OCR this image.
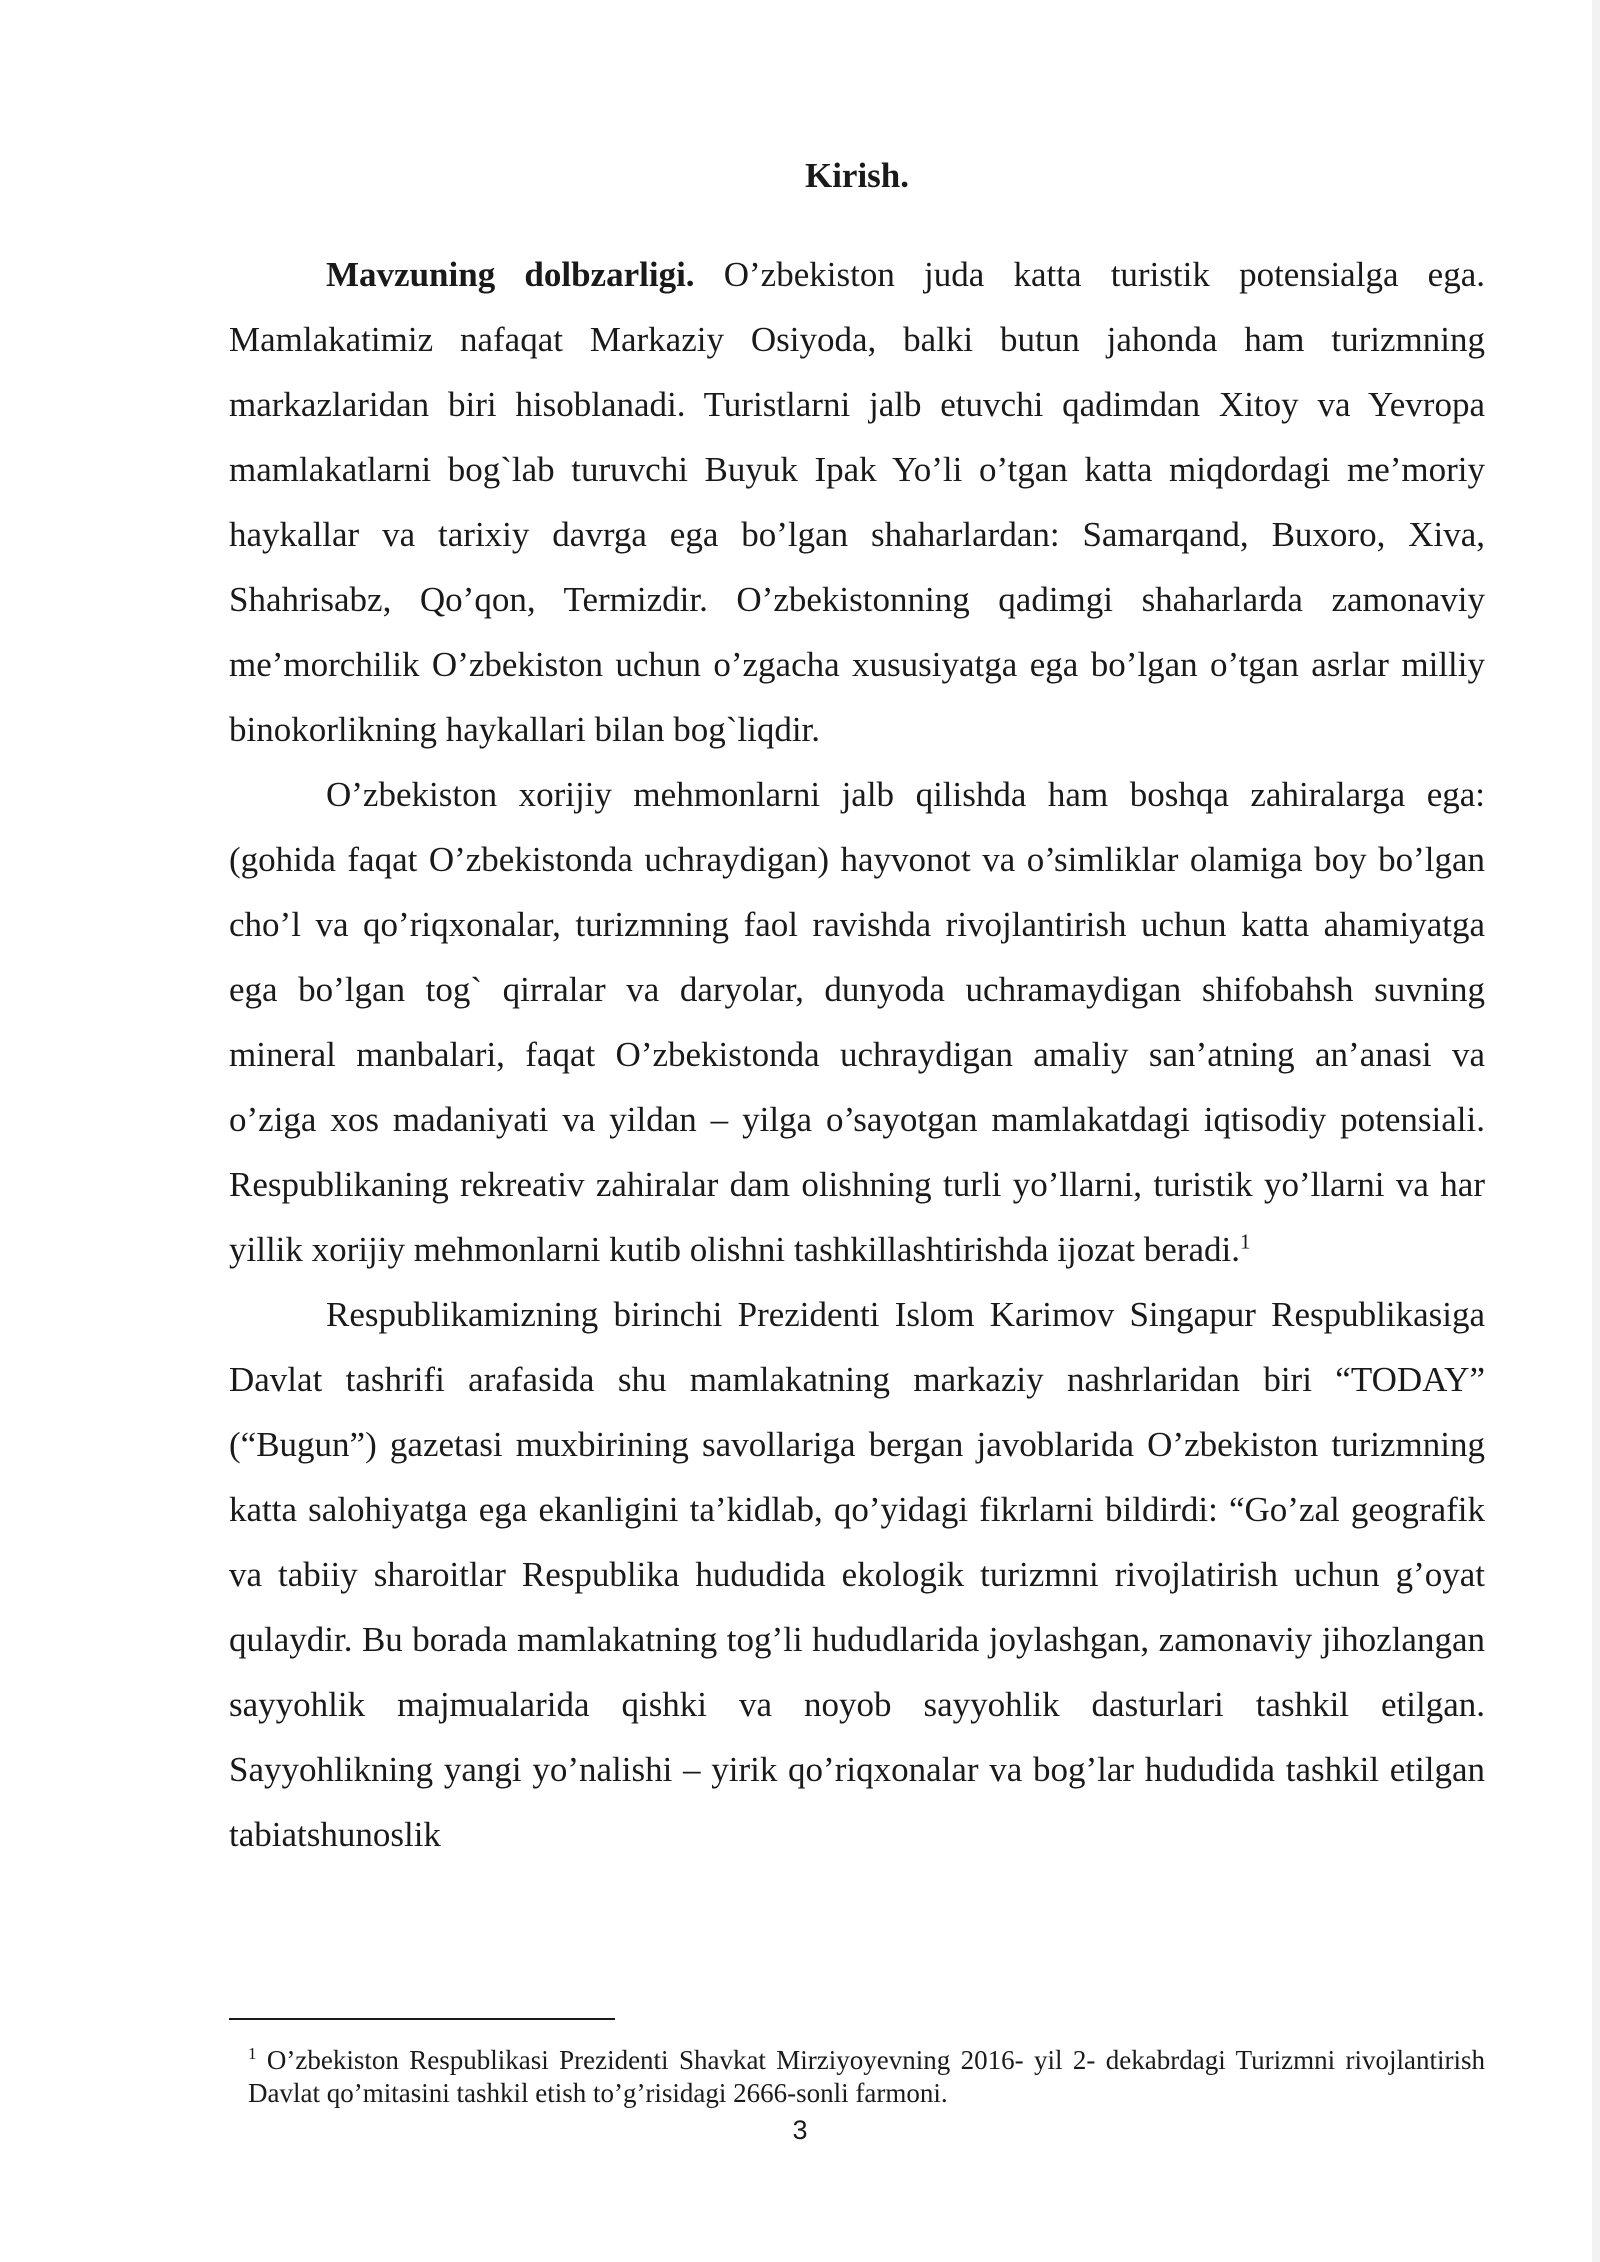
Kirish.

Mavzuning dolbzarligi. O’zbekiston juda katta turistik potensialga ega. Mamlakatimiz nafaqat Markaziy Osiyoda, balki butun jahonda ham turizmning markazlaridan biri hisoblanadi. Turistlarni jalb etuvchi qadimdan Xitoy va Yevropa mamlakatlarni bog`lab turuvchi Buyuk Ipak Yo’li o’tgan katta miqdordagi me’moriy haykallar va tarixiy davrga ega bo’lgan shaharlardan: Samarqand, Buxoro, Xiva, Shahrisabz, Qo’qon, Termizdir. O’zbekistonning qadimgi shaharlarda zamonaviy me’morchilik O’zbekiston uchun o’zgacha xususiyatga ega bo’lgan o’tgan asrlar milliy binokorlikning haykallari bilan bog`liqdir.

O’zbekiston xorijiy mehmonlarni jalb qilishda ham boshqa zahiralarga ega: (gohida faqat O’zbekistonda uchraydigan) hayvonot va o’simliklar olamiga boy bo’lgan cho’l va qo’riqxonalar, turizmning faol ravishda rivojlantirish uchun katta ahamiyatga ega bo’lgan tog` qirralar va daryolar, dunyoda uchramaydigan shifobahsh suvning mineral manbalari, faqat O’zbekistonda uchraydigan amaliy san’atning an’anasi va o’ziga xos madaniyati va yildan – yilga o’sayotgan mamlakatdagi iqtisodiy potensiali. Respublikaning rekreativ zahiralar dam olishning turli yo’llarni, turistik yo’llarni va har yillik xorijiy mehmonlarni kutib olishni tashkillashtirishda ijozat beradi.$^1$

Respublikamizning birinchi Prezidenti Islom Karimov Singapur Respublikasiga Davlat tashrifi arafasida shu mamlakatning markaziy nashrlaridan biri “TODAY” (“Bugun”) gazetasi muxbirining savollariga bergan javoblarida O’zbekiston turizmning katta salohiyatga ega ekanligini ta’kidlab, qo’yidagi fikrlarni bildirdi: “Go’zal geografik va tabiiy sharoitlar Respublika hududida ekologik turizmni rivojlatirish uchun g’oyat qulaydir. Bu borada mamlakatning tog’li hududlarida joylashgan, zamonaviy jihozlangan sayyohlik majmualarida qishki va noyob sayyohlik dasturlari tashkil etilgan. Sayyohlikning yangi yo’nalishi – yirik qo’riqxonalar va bog’lar hududida tashkil etilgan tabiatshunoslik

$^1$ O’zbekiston Respublikasi Prezidenti Shavkat Mirziyoyevning 2016- yil 2- dekabrdagi Turizmni rivojlantirish Davlat qo’mitasini tashkil etish to’g’risidagi 2666-sonli farmoni.

3
